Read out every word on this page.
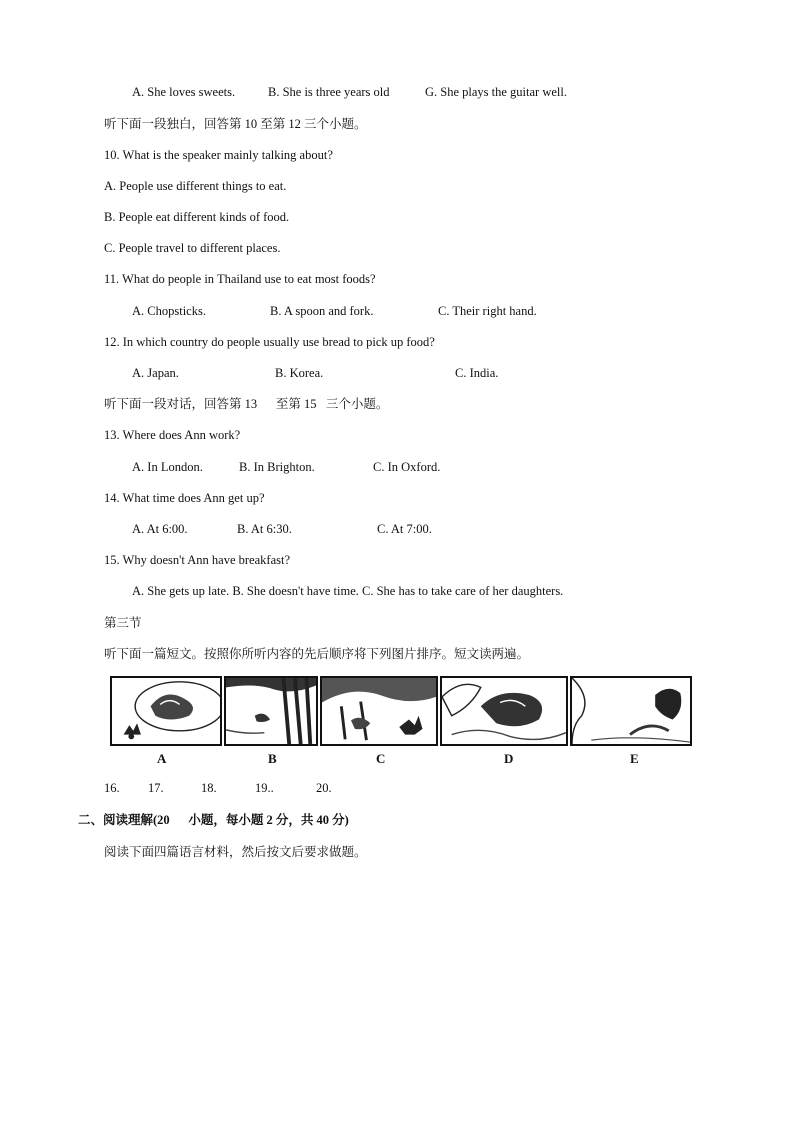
A. She loves sweets.	B. She is three years old	G. She plays the guitar well.
听下面一段独白，回答第 10 至第 12 三个小题。
10. What is the speaker mainly talking about?
A. People use different things to eat.
B. People eat different kinds of food.
C. People travel to different places.
11. What do people in Thailand use to eat most foods?
A. Chopsticks.	B. A spoon and fork.	C. Their right hand.
12. In which country do people usually use bread to pick up food?
A. Japan.	B. Korea.	C. India.
听下面一段对话，回答第 13      至第 15   三个小题。
13. Where does Ann work?
A. In London.	B. In Brighton.	C. In Oxford.
14. What time does Ann get up?
A. At 6:00.	B. At 6:30.	C. At 7:00.
15. Why doesn't Ann have breakfast?
A. She gets up late. B. She doesn't have time. C. She has to take care of her daughters.
第三节
听下面一篇短文。按照你所听内容的先后顺序将下列图片排序。短文读两遍。
A	B	C	D	E
16. 17.	18.	19..	20.
二、阅读理解(20      小题，每小题 2 分，共 40 分)
阅读下面四篇语言材料，然后按文后要求做题。
